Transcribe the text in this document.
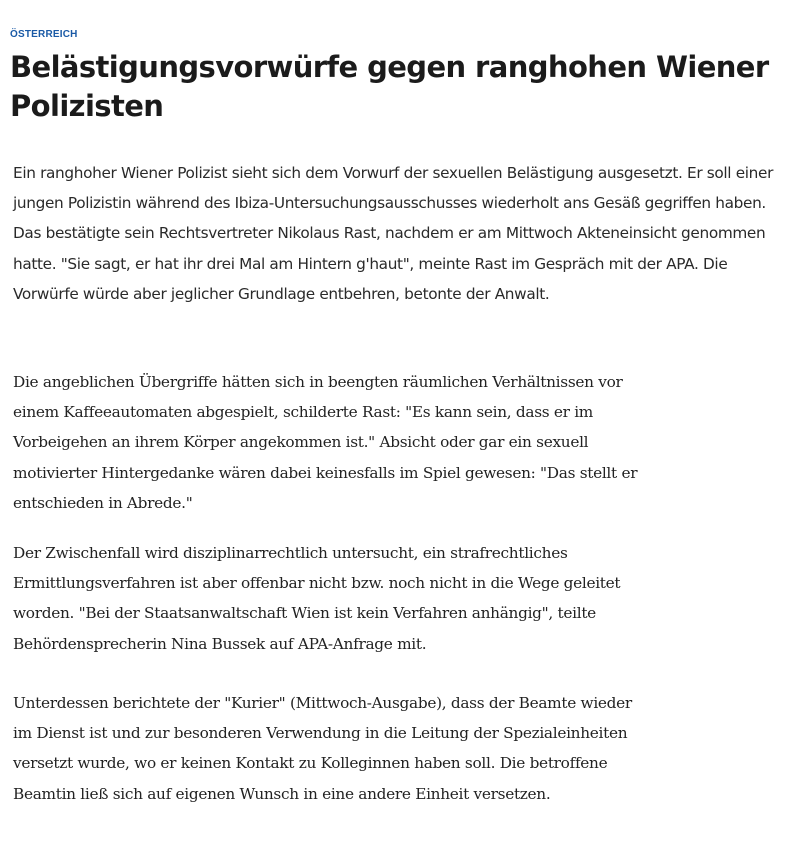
ÖSTERREICH
Belästigungsvorwürfe gegen ranghohen Wiener Polizisten

Ein ranghoher Wiener Polizist sieht sich dem Vorwurf der sexuellen Belästigung ausgesetzt. Er soll einer jungen Polizistin während des Ibiza-Untersuchungsausschusses wiederholt ans Gesäß gegriffen haben. Das bestätigte sein Rechtsvertreter Nikolaus Rast, nachdem er am Mittwoch Akteneinsicht genommen hatte. "Sie sagt, er hat ihr drei Mal am Hintern g'haut", meinte Rast im Gespräch mit der APA. Die Vorwürfe würde aber jeglicher Grundlage entbehren, betonte der Anwalt.

Die angeblichen Übergriffe hätten sich in beengten räumlichen Verhältnissen vor einem Kaffeeautomaten abgespielt, schilderte Rast: "Es kann sein, dass er im Vorbeigehen an ihrem Körper angekommen ist." Absicht oder gar ein sexuell motivierter Hintergedanke wären dabei keinesfalls im Spiel gewesen: "Das stellt er entschieden in Abrede."

Der Zwischenfall wird disziplinarrechtlich untersucht, ein strafrechtliches Ermittlungsverfahren ist aber offenbar nicht bzw. noch nicht in die Wege geleitet worden. "Bei der Staatsanwaltschaft Wien ist kein Verfahren anhängig", teilte Behördensprecherin Nina Bussek auf APA-Anfrage mit.

Unterdessen berichtete der "Kurier" (Mittwoch-Ausgabe), dass der Beamte wieder im Dienst ist und zur besonderen Verwendung in die Leitung der Spezialeinheiten versetzt wurde, wo er keinen Kontakt zu Kolleginnen haben soll. Die betroffene Beamtin ließ sich auf eigenen Wunsch in eine andere Einheit versetzen.
